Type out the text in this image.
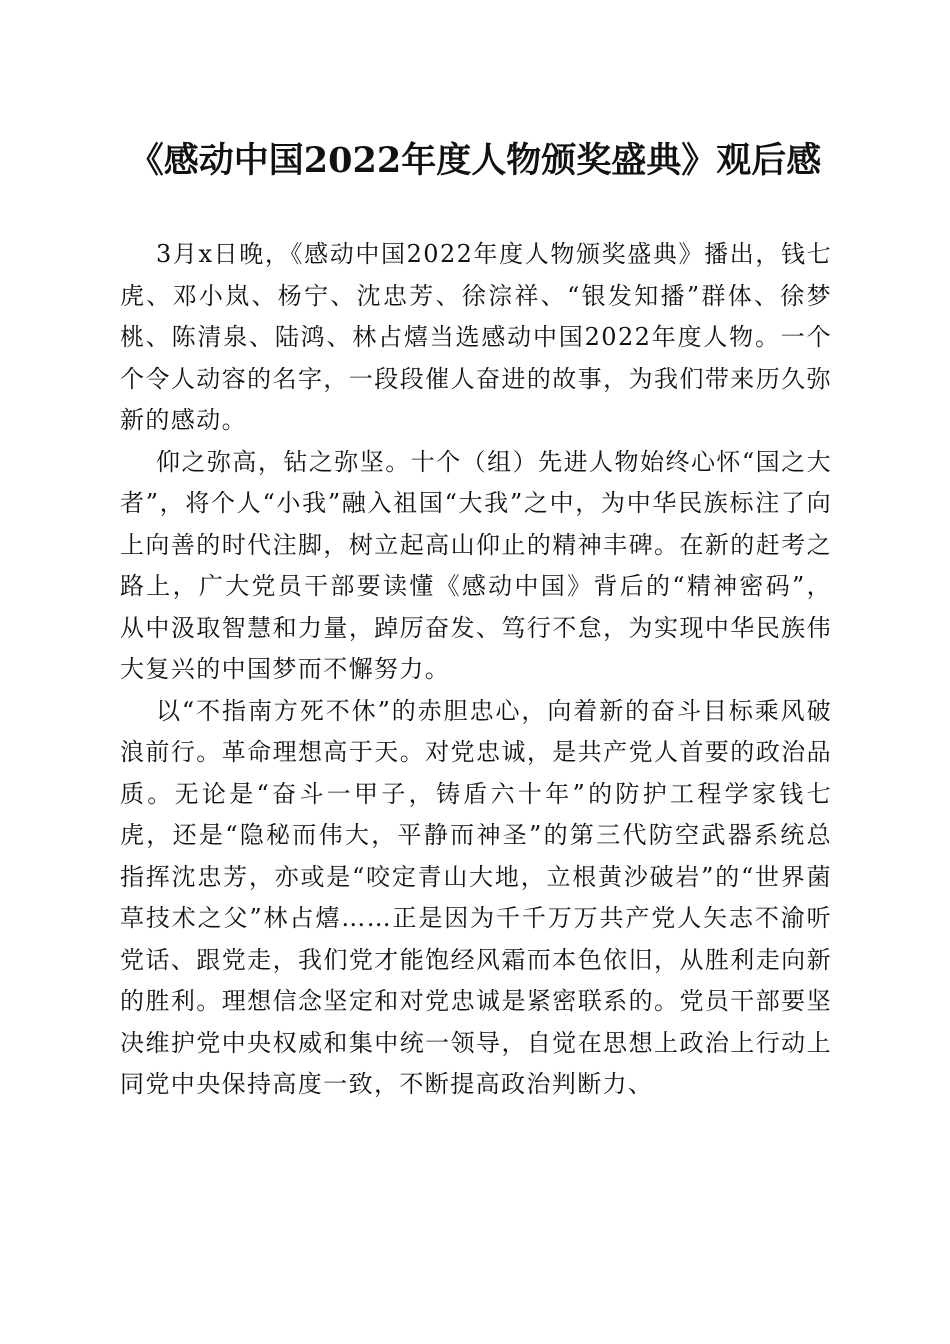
《感动中国2022年度人物颁奖盛典》观后感

3月x日晚，《感动中国2022年度人物颁奖盛典》播出，钱七虎、邓小岚、杨宁、沈忠芳、徐淙祥、“银发知播”群体、徐梦桃、陈清泉、陆鸿、林占熺当选感动中国2022年度人物。一个个令人动容的名字，一段段催人奋进的故事，为我们带来历久弥新的感动。

仰之弥高，钻之弥坚。十个（组）先进人物始终心怀“国之大者”，将个人“小我”融入祖国“大我”之中，为中华民族标注了向上向善的时代注脚，树立起高山仰止的精神丰碑。在新的赶考之路上，广大党员干部要读懂《感动中国》背后的“精神密码”，从中汲取智慧和力量，踔厉奋发、笃行不怠，为实现中华民族伟大复兴的中国梦而不懈努力。

以“不指南方死不休”的赤胆忠心，向着新的奋斗目标乘风破浪前行。革命理想高于天。对党忠诚，是共产党人首要的政治品质。无论是“奋斗一甲子，铸盾六十年”的防护工程学家钱七虎，还是“隐秘而伟大，平静而神圣”的第三代防空武器系统总指挥沈忠芳，亦或是“咬定青山大地，立根黄沙破岩”的“世界菌草技术之父”林占熺……正是因为千千万万共产党人矢志不渝听党话、跟党走，我们党才能饱经风霜而本色依旧，从胜利走向新的胜利。理想信念坚定和对党忠诚是紧密联系的。党员干部要坚决维护党中央权威和集中统一领导，自觉在思想上政治上行动上同党中央保持高度一致，不断提高政治判断力、
